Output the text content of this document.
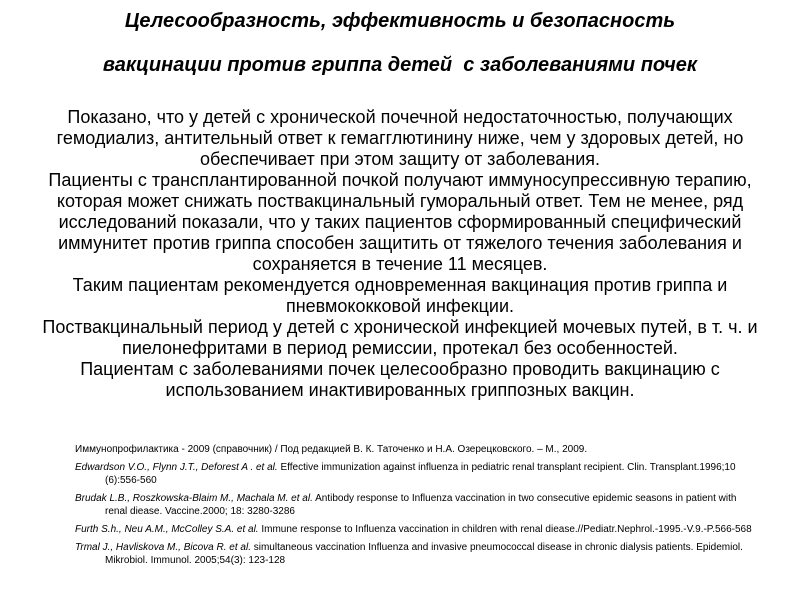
Целесообразность, эффективность и безопасность
вакцинации против гриппа детей  с заболеваниями почек

Показано, что у детей с хронической почечной недостаточностью, получающих гемодиализ, антительный ответ к гемагглютинину ниже, чем у здоровых детей, но обеспечивает при этом защиту от заболевания.

Пациенты с трансплантированной почкой получают иммуносупрессивную терапию, которая может снижать поствакцинальный гуморальный ответ. Тем не менее, ряд исследований показали, что у таких пациентов сформированный специфический иммунитет против гриппа способен защитить от тяжелого течения заболевания и сохраняется в течение 11 месяцев.

Таким пациентам рекомендуется одновременная вакцинация против гриппа и пневмококковой инфекции.

Поствакцинальный период у детей с хронической инфекцией мочевых путей, в т. ч. и пиелонефритами в период ремиссии, протекал без особенностей.

Пациентам с заболеваниями почек целесообразно проводить вакцинацию с использованием инактивированных гриппозных вакцин.

Иммунопрофилактика - 2009 (справочник) / Под редакцией В. К. Таточенко и Н.А. Озерецковского. – М., 2009.
Edwardson V.O., Flynn J.T., Deforest A . et al. Effective immunization against influenza in pediatric renal transplant recipient. Clin. Transplant.1996;10 (6):556-560
Brudak L.B., Roszkowska-Blaim M., Machala M. et al. Antibody response to Influenza vaccination in two consecutive epidemic seasons in patient with renal diease. Vaccine.2000; 18: 3280-3286
Furth S.h., Neu A.M., McColley S.A. et al. Immune response to Influenza vaccination in children with renal diease.//Pediatr.Nephrol.-1995.-V.9.-P.566-568
Trmal J., Havliskova M., Bicova R. et al. simultaneous vaccination Influenza and invasive pneumococcal disease in chronic dialysis patients. Epidemiol. Mikrobiol. Immunol. 2005;54(3): 123-128
